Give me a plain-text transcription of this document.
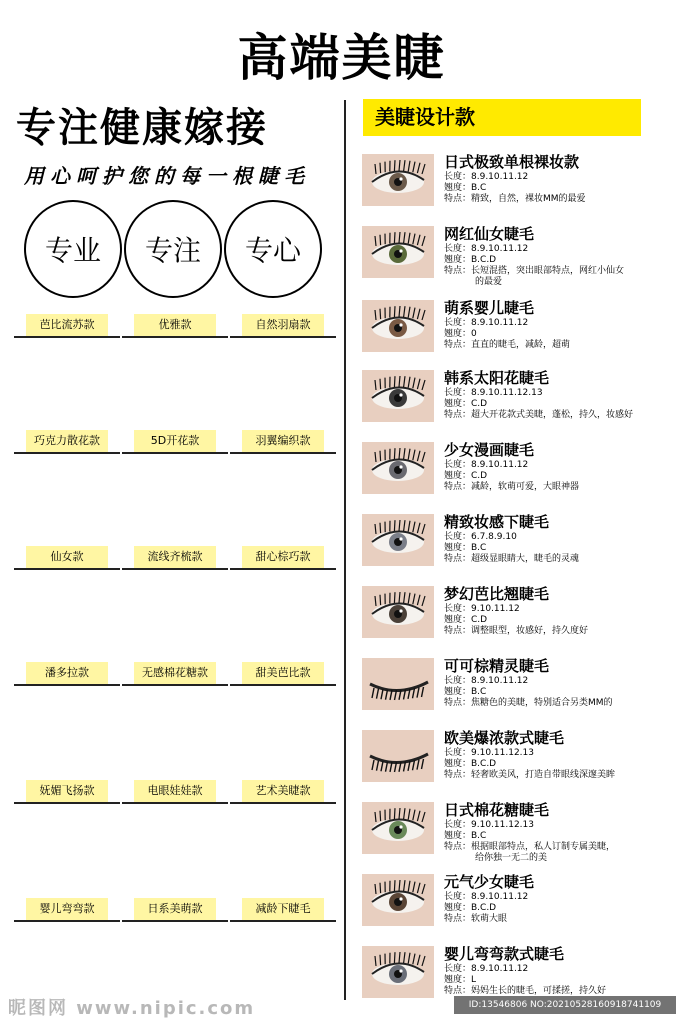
高端美睫
专注健康嫁接
用心呵护您的每一根睫毛
专业	专注	专心
芭比流苏款	优雅款	自然羽扇款
巧克力散花款	5D开花款	羽翼编织款
仙女款	流线齐梳款	甜心棕巧款
潘多拉款	无感棉花糖款	甜美芭比款
妩媚飞扬款	电眼娃娃款	艺术美睫款
婴儿弯弯款	日系美萌款	减龄下睫毛
美睫设计款
日式极致单根裸妆款
长度：8.9.10.11.12
翘度：B.C
特点：精致，自然，裸妆MM的最爱
网红仙女睫毛
长度：8.9.10.11.12
翘度：B.C.D
特点：长短混搭，突出眼部特点，网红小仙女
的最爱
萌系婴儿睫毛
长度：8.9.10.11.12
翘度：0
特点：直直的睫毛，减龄，超萌
韩系太阳花睫毛
长度：8.9.10.11.12.13
翘度：C.D
特点：超大开花款式美睫，蓬松，持久，妆感好
少女漫画睫毛
长度：8.9.10.11.12
翘度：C.D
特点：减龄，软萌可爱，大眼神器
精致妆感下睫毛
长度：6.7.8.9.10
翘度：B.C
特点：超级显眼睛大，睫毛的灵魂
梦幻芭比翘睫毛
长度：9.10.11.12
翘度：C.D
特点：调整眼型，妆感好，持久度好
可可棕精灵睫毛
长度：8.9.10.11.12
翘度：B.C
特点：焦糖色的美睫，特别适合另类MM的
欧美爆浓款式睫毛
长度：9.10.11.12.13
翘度：B.C.D
特点：轻奢欧美风，打造自带眼线深邃美眸
日式棉花糖睫毛
长度：9.10.11.12.13
翘度：B.C
特点：根据眼部特点，私人订制专属美睫，
给你独一无二的美
元气少女睫毛
长度：8.9.10.11.12
翘度：B.C.D
特点：软萌大眼
婴儿弯弯款式睫毛
长度：8.9.10.11.12
翘度：L
特点：妈妈生长的睫毛，可揉搓，持久好
昵图网 www.nipic.com	ID:13546806 NO:20210528160918741109
